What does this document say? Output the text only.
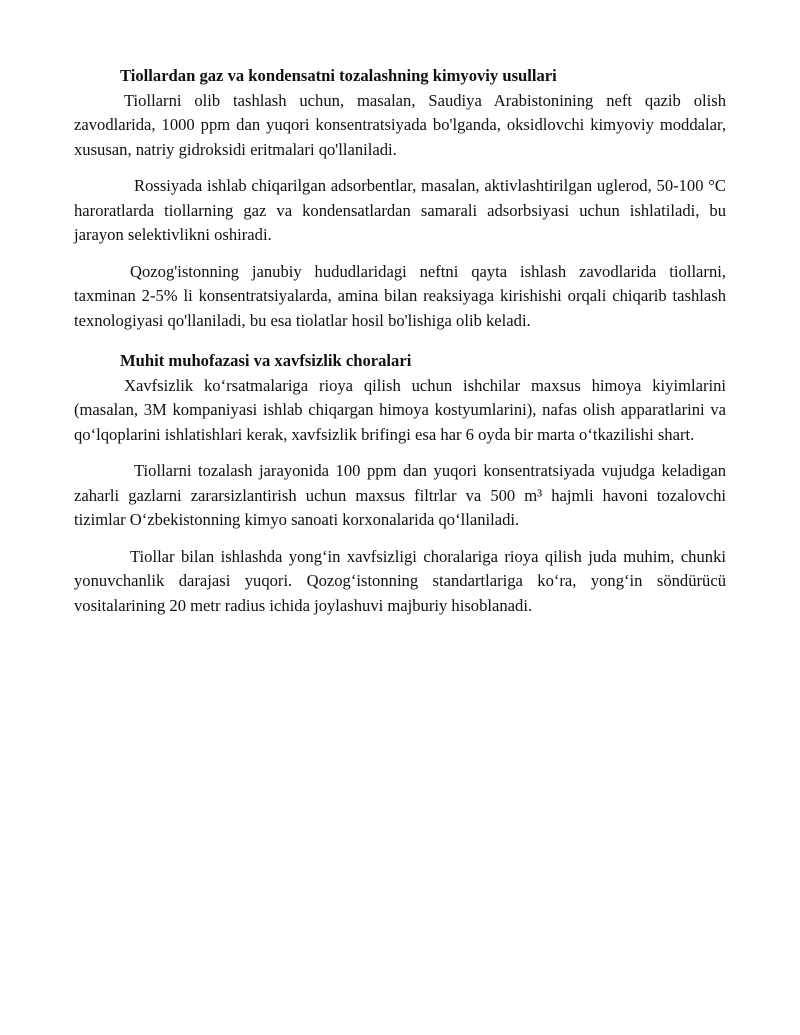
Tiollardan gaz va kondensatni tozalashning kimyoviy usullari

Tiollarni olib tashlash uchun, masalan, Saudiya Arabistonining neft qazib olish zavodlarida, 1000 ppm dan yuqori konsentratsiyada bo'lganda, oksidlovchi kimyoviy moddalar, xususan, natriy gidroksidi eritmalari qo'llaniladi.

Rossiyada ishlab chiqarilgan adsorbentlar, masalan, aktivlashtirilgan uglerod, 50-100 °C haroratlarda tiollarning gaz va kondensatlardan samarali adsorbsiyasi uchun ishlatiladi, bu jarayon selektivlikni oshiradi.

Qozog'istonning janubiy hududlaridagi neftni qayta ishlash zavodlarida tiollarni, taxminan 2-5% li konsentratsiyalarda, amina bilan reaksiyaga kirishishi orqali chiqarib tashlash texnologiyasi qo'llaniladi, bu esa tiolatlar hosil bo'lishiga olib keladi.

Muhit muhofazasi va xavfsizlik choralari

Xavfsizlik ko‘rsatmalariga rioya qilish uchun ishchilar maxsus himoya kiyimlarini (masalan, 3M kompaniyasi ishlab chiqargan himoya kostyumlarini), nafas olish apparatlarini va qo‘lqoplarini ishlatishlari kerak, xavfsizlik brifingi esa har 6 oyda bir marta o‘tkazilishi shart.

Tiollarni tozalash jarayonida 100 ppm dan yuqori konsentratsiyada vujudga keladigan zaharli gazlarni zararsizlantirish uchun maxsus filtrlar va 500 m³ hajmli havoni tozalovchi tizimlar O‘zbekistonning kimyo sanoati korxonalarida qo‘llaniladi.

Tiollar bilan ishlashda yong‘in xavfsizligi choralariga rioya qilish juda muhim, chunki yonuvchanlik darajasi yuqori. Qozog‘istonning standartlariga ko‘ra, yong‘in söndürücü vositalarining 20 metr radius ichida joylashuvi majburiy hisoblanadi.
